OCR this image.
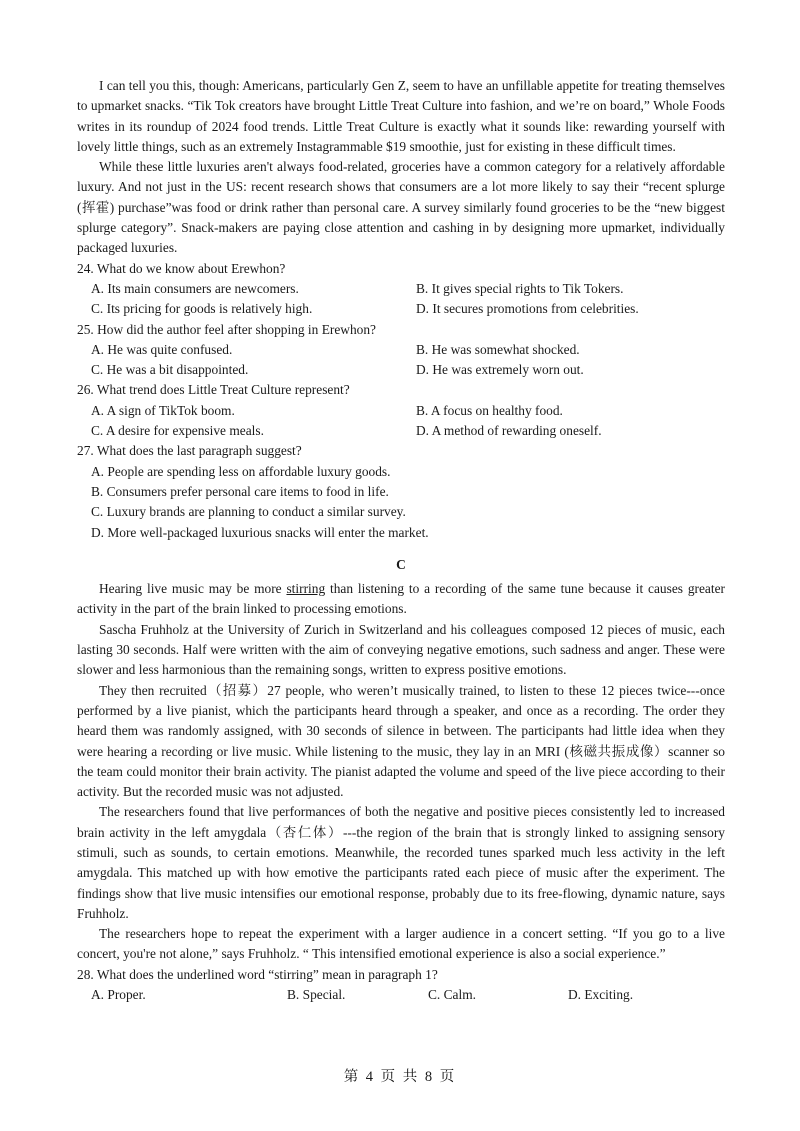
I can tell you this, though: Americans, particularly Gen Z, seem to have an unfillable appetite for treating themselves to upmarket snacks. “Tik Tok creators have brought Little Treat Culture into fashion, and we’re on board,” Whole Foods writes in its roundup of 2024 food trends. Little Treat Culture is exactly what it sounds like: rewarding yourself with lovely little things, such as an extremely Instagrammable $19 smoothie, just for existing in these difficult times.

While these little luxuries aren't always food-related, groceries have a common category for a relatively affordable luxury. And not just in the US: recent research shows that consumers are a lot more likely to say their “recent splurge (挥霍) purchase”was food or drink rather than personal care. A survey similarly found groceries to be the “new biggest splurge category”. Snack-makers are paying close attention and cashing in by designing more upmarket, individually packaged luxuries.

24. What do we know about Erewhon?

A. Its main consumers are newcomers.	B. It gives special rights to Tik Tokers.
C. Its pricing for goods is relatively high.	D. It secures promotions from celebrities.

25. How did the author feel after shopping in Erewhon?

A. He was quite confused.	B. He was somewhat shocked.
C. He was a bit disappointed.	D. He was extremely worn out.

26. What trend does Little Treat Culture represent?

A. A sign of TikTok boom.	B. A focus on healthy food.
C. A desire for expensive meals.	D. A method of rewarding oneself.

27. What does the last paragraph suggest?

A. People are spending less on affordable luxury goods.
B. Consumers prefer personal care items to food in life.
C. Luxury brands are planning to conduct a similar survey.
D. More well-packaged luxurious snacks will enter the market.
C

Hearing live music may be more stirring than listening to a recording of the same tune because it causes greater activity in the part of the brain linked to processing emotions.

Sascha Fruhholz at the University of Zurich in Switzerland and his colleagues composed 12 pieces of music, each lasting 30 seconds. Half were written with the aim of conveying negative emotions, such sadness and anger. These were slower and less harmonious than the remaining songs, written to express positive emotions.

They then recruited（招募）27 people, who weren’t musically trained, to listen to these 12 pieces twice---once performed by a live pianist, which the participants heard through a speaker, and once as a recording. The order they heard them was randomly assigned, with 30 seconds of silence in between. The participants had little idea when they were hearing a recording or live music. While listening to the music, they lay in an MRI (核磁共振成像）scanner so the team could monitor their brain activity. The pianist adapted the volume and speed of the live piece according to their activity. But the recorded music was not adjusted.

The researchers found that live performances of both the negative and positive pieces consistently led to increased brain activity in the left amygdala（杏仁体）---the region of the brain that is strongly linked to assigning sensory stimuli, such as sounds, to certain emotions. Meanwhile, the recorded tunes sparked much less activity in the left amygdala. This matched up with how emotive the participants rated each piece of music after the experiment. The findings show that live music intensifies our emotional response, probably due to its free-flowing, dynamic nature, says Fruhholz.

The researchers hope to repeat the experiment with a larger audience in a concert setting. “If you go to a live concert, you're not alone,” says Fruhholz. “ This intensified emotional experience is also a social experience.”

28. What does the underlined word “stirring” mean in paragraph 1?

A. Proper.	B. Special.	C. Calm.	D. Exciting.
第 4 页 共 8 页
